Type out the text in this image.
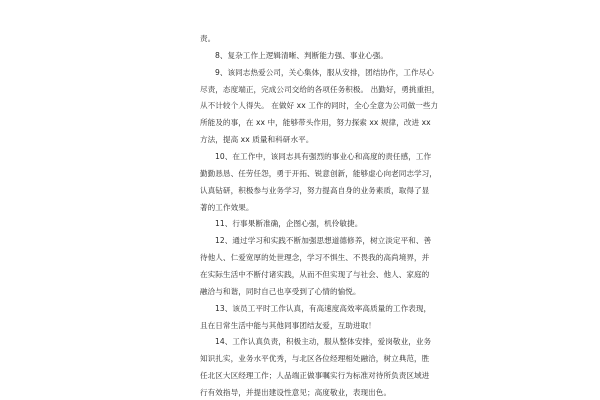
责。
8、复杂工作上逻辑清晰、判断能力强、事业心强。
9、该同志热爱公司，关心集体，服从安排，团结协作，工作尽心
尽责，态度端正，完成公司交给的各项任务积极。 出勤好，勇挑重担，
从不计较个人得失。 在做好 xx 工作的同时，全心全意为公司做一些力
所能及的事，在 xx 中，能够带头作用，努力探索 xx 规律，改进 xx
方法，提高 xx 质量和科研水平。
10、在工作中，该同志具有强烈的事业心和高度的责任感，工作
勤勤恳恳、任劳任怨，勇于开拓、锐意创新，能够虚心向老同志学习，
认真钻研，积极参与业务学习，努力提高自身的业务素质，取得了显
著的工作效果。
11、行事果断准确，企图心强，机伶敏捷。
12、通过学习和实践不断加强思想道德修养，树立淡定平和、善
待他人、仁爱宽厚的处世理念，学习不惧生、不畏我的高尚境界，并
在实际生活中不断付诸实践，从而不但实现了与社会、他人、家庭的
融洽与和谐，同时自己也享受到了心情的愉悦。
13、该员工平时工作认真，有高速度高效率高质量的工作表现，
且在日常生活中能与其他同事团结友爱，互助进取！
14、工作认真负责，积极主动，服从整体安排，爱岗敬业，业务
知识扎实，业务水平优秀，与北区各位经理相处融洽，树立典范，胜
任北区大区经理工作；人品端正做事嘱实行为标准对待所负责区域进
行有效指导，并提出建设性意见；高度敬业，表现出色。
